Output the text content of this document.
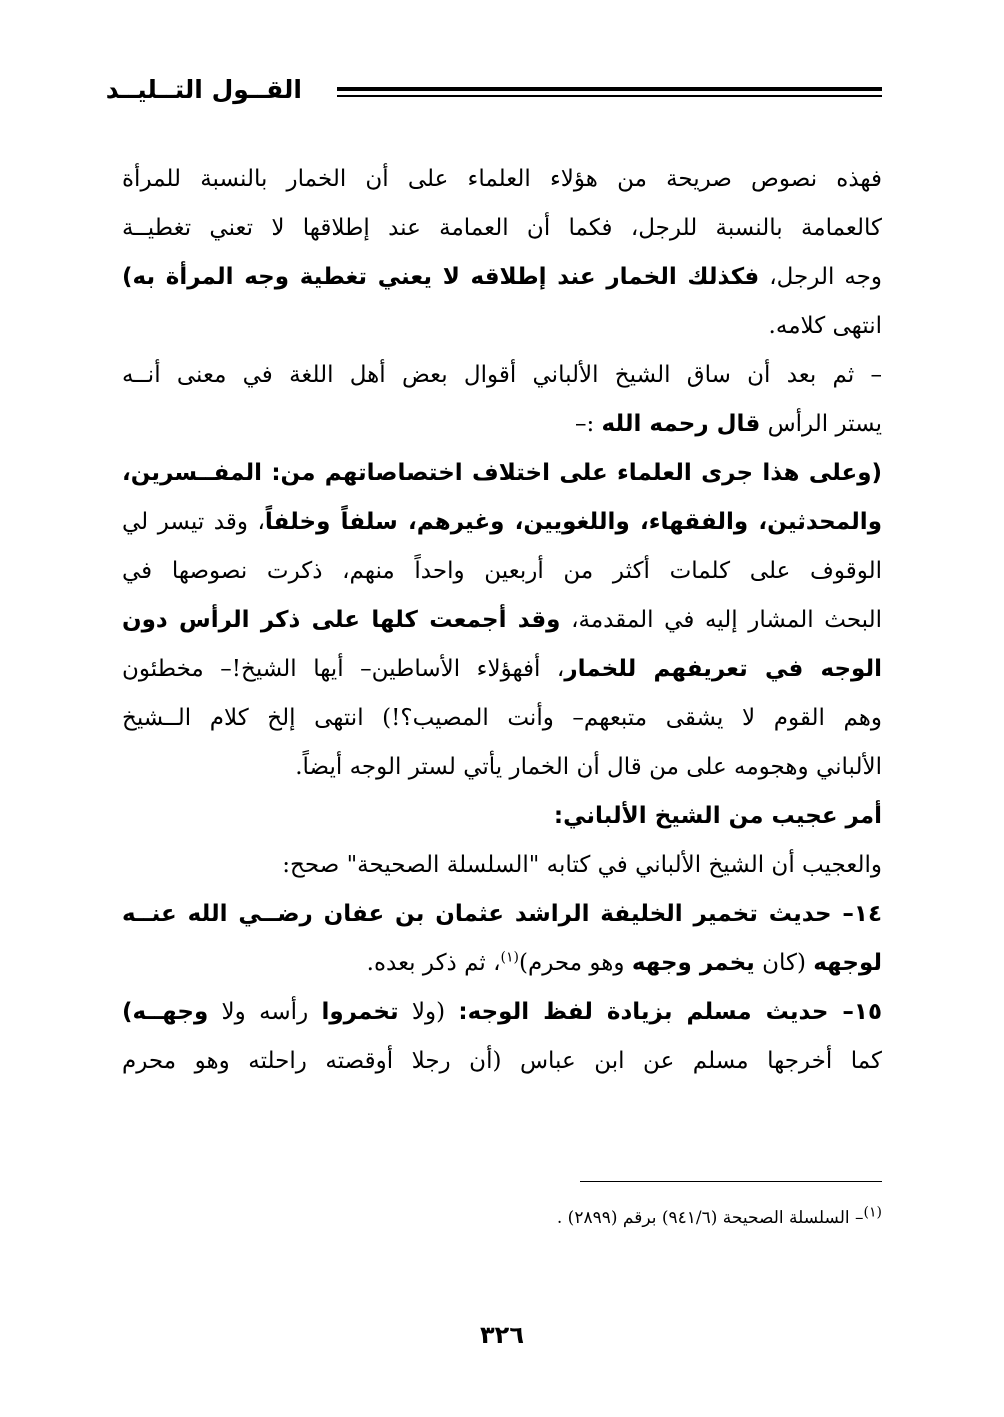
القــول التــليــد
فهذه نصوص صريحة من هؤلاء العلماء على أن الخمار بالنسبة للمرأة
كالعمامة بالنسبة للرجل، فكما أن العمامة عند إطلاقها لا تعني تغطيــة
وجه الرجل، فكذلك الخمار عند إطلاقه لا يعني تغطية وجه المرأة به)
انتهى كلامه.
– ثم بعد أن ساق الشيخ الألباني أقوال بعض أهل اللغة في معنى أنــه
يستر الرأس قال رحمه الله :–
(وعلى هذا جرى العلماء على اختلاف اختصاصاتهم من: المفــسرين،
والمحدثين، والفقهاء، واللغويين، وغيرهم، سلفاً وخلفاً، وقد تيسر لي
الوقوف على كلمات أكثر من أربعين واحداً منهم، ذكرت نصوصها في
البحث المشار إليه في المقدمة، وقد أجمعت كلها على ذكر الرأس دون
الوجه في تعريفهم للخمار، أفهؤلاء الأساطين– أيها الشيخ!– مخطئون
وهم القوم لا يشقى متبعهم– وأنت المصيب؟!) انتهى إلخ كلام الــشيخ
الألباني وهجومه على من قال أن الخمار يأتي لستر الوجه أيضاً.
أمر عجيب من الشيخ الألباني:
والعجيب أن الشيخ الألباني في كتابه "السلسلة الصحيحة" صحح:
١٤– حديث تخمير الخليفة الراشد عثمان بن عفان رضــي الله عنــه
لوجهه (كان يخمر وجهه وهو محرم)$^{(١)}$، ثم ذكر بعده.
١٥– حديث مسلم بزيادة لفظ الوجه: (ولا تخمروا رأسه ولا وجهــه)
كما أخرجها مسلم عن ابن عباس (أن رجلا أوقصته راحلته وهو محرم
$^{(١)}$– السلسلة الصحيحة (٩٤١/٦) برقم (٢٨٩٩) .
٣٢٦
